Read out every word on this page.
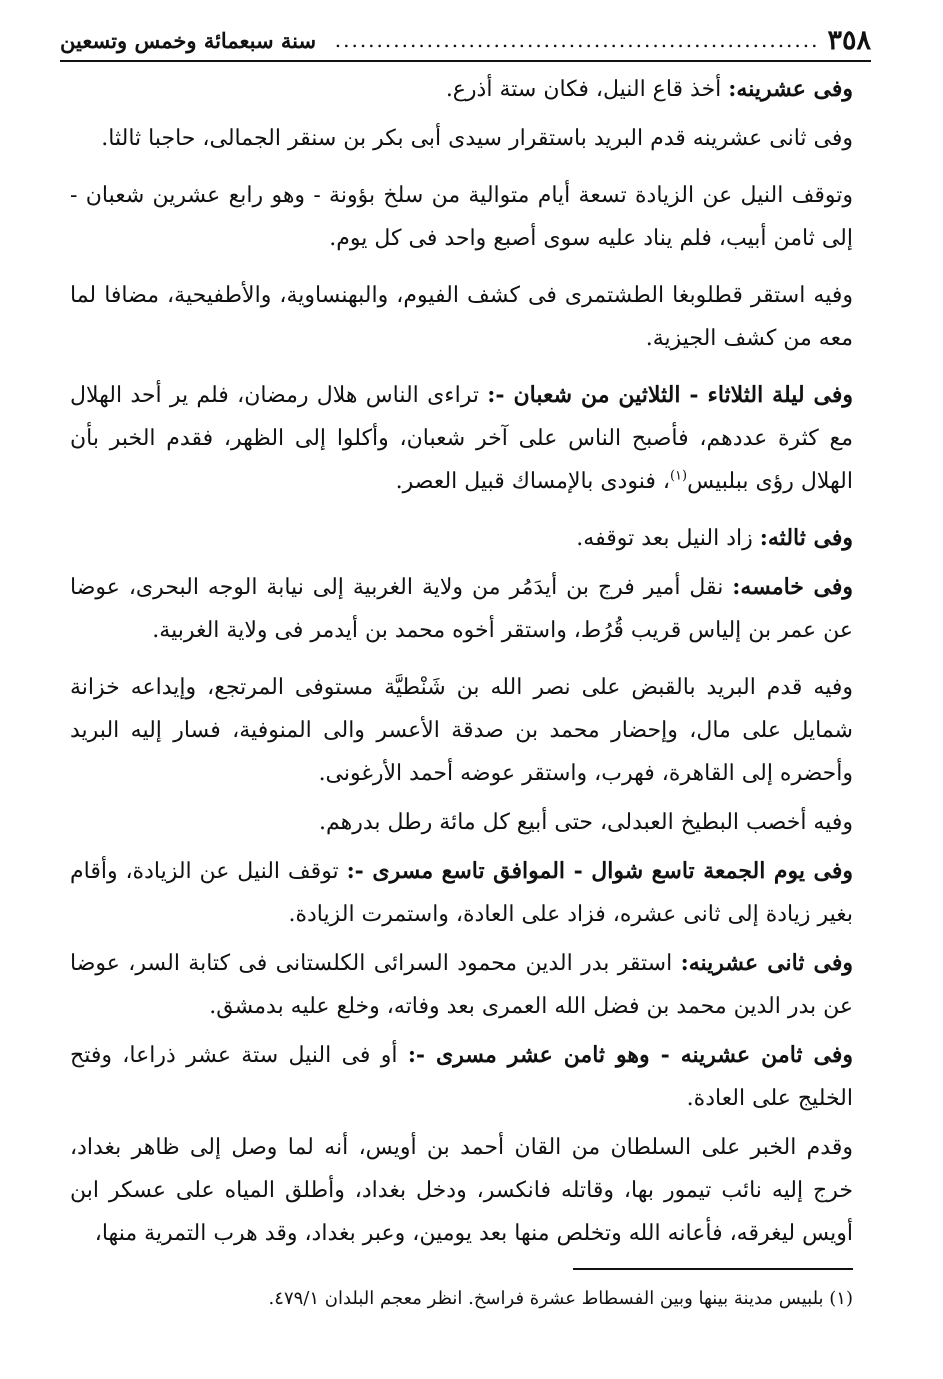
٣٥٨
..........................................................
سنة سبعمائة وخمس وتسعين

وفى عشرينه: أخذ قاع النيل، فكان ستة أذرع.

وفى ثانى عشرينه قدم البريد باستقرار سيدى أبى بكر بن سنقر الجمالى، حاجبا ثالثا.

وتوقف النيل عن الزيادة تسعة أيام متوالية من سلخ بؤونة - وهو رابع عشرين شعبان - إلى ثامن أبيب، فلم يناد عليه سوى أصبع واحد فى كل يوم.

وفيه استقر قطلوبغا الطشتمرى فى كشف الفيوم، والبهنساوية، والأطفيحية، مضافا لما معه من كشف الجيزية.

وفى ليلة الثلاثاء - الثلاثين من شعبان -: تراءى الناس هلال رمضان، فلم ير أحد الهلال مع كثرة عددهم، فأصبح الناس على آخر شعبان، وأكلوا إلى الظهر، فقدم الخبر بأن الهلال رؤى ببلبيس$^{(١)}$، فنودى بالإمساك قبيل العصر.

وفى ثالثه: زاد النيل بعد توقفه.

وفى خامسه: نقل أمير فرج بن أيدَمُر من ولاية الغربية إلى نيابة الوجه البحرى، عوضا عن عمر بن إلياس قريب قُرُط، واستقر أخوه محمد بن أيدمر فى ولاية الغربية.

وفيه قدم البريد بالقبض على نصر الله بن شَنْطيَّة مستوفى المرتجع، وإيداعه خزانة شمايل على مال، وإحضار محمد بن صدقة الأعسر والى المنوفية، فسار إليه البريد وأحضره إلى القاهرة، فهرب، واستقر عوضه أحمد الأرغونى.

وفيه أخصب البطيخ العبدلى، حتى أبيع كل مائة رطل بدرهم.

وفى يوم الجمعة تاسع شوال - الموافق تاسع مسرى -: توقف النيل عن الزيادة، وأقام بغير زيادة إلى ثانى عشره، فزاد على العادة، واستمرت الزيادة.

وفى ثانى عشرينه: استقر بدر الدين محمود السرائى الكلستانى فى كتابة السر، عوضا عن بدر الدين محمد بن فضل الله العمرى بعد وفاته، وخلع عليه بدمشق.

وفى ثامن عشرينه - وهو ثامن عشر مسرى -: أو فى النيل ستة عشر ذراعا، وفتح الخليج على العادة.

وقدم الخبر على السلطان من القان أحمد بن أويس، أنه لما وصل إلى ظاهر بغداد، خرج إليه نائب تيمور بها، وقاتله فانكسر، ودخل بغداد، وأطلق المياه على عسكر ابن أويس ليغرقه، فأعانه الله وتخلص منها بعد يومين، وعبر بغداد، وقد هرب التمرية منها،

(١) بلبيس مدينة بينها وبين الفسطاط عشرة فراسخ. انظر معجم البلدان ٤٧٩/١.
